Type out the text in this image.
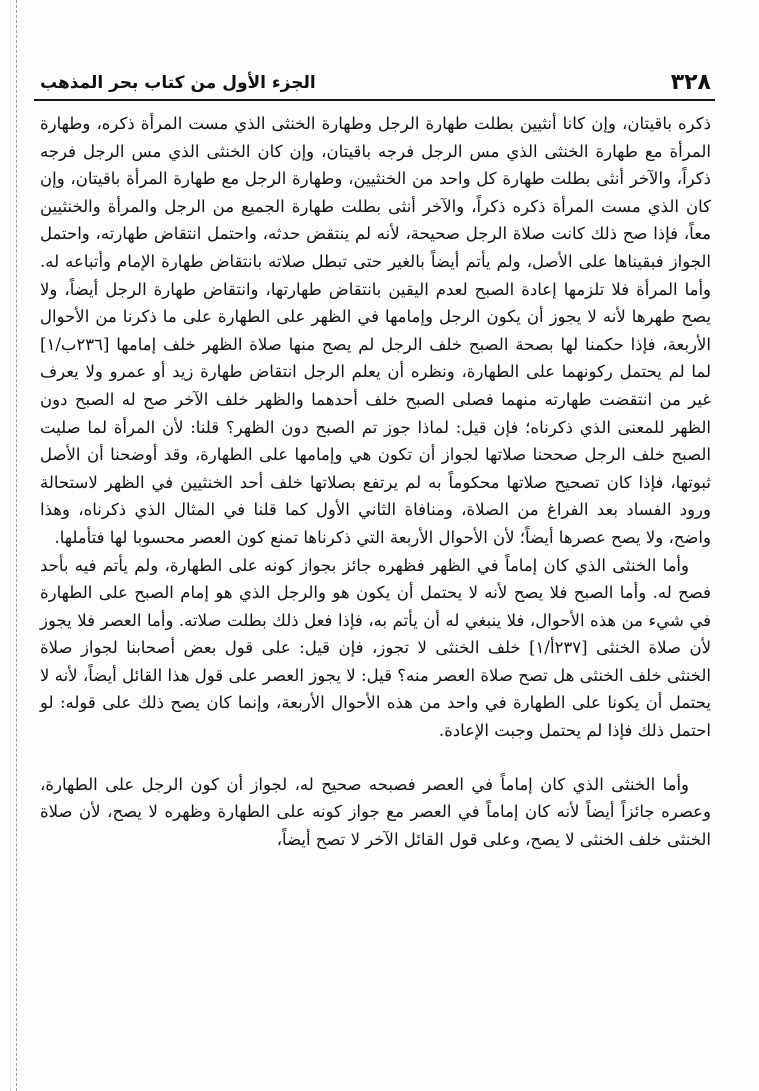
٣٢٨
الجزء الأول من كتاب بحر المذهب

ذكره باقيتان، وإن كانا أنثيين بطلت طهارة الرجل وطهارة الخنثى الذي مست المرأة ذكره، وطهارة المرأة مع طهارة الخنثى الذي مس الرجل فرجه باقيتان، وإن كان الخنثى الذي مس الرجل فرجه ذكراً، والآخر أنثى بطلت طهارة كل واحد من الخنثيين، وطهارة الرجل مع طهارة المرأة باقيتان، وإن كان الذي مست المرأة ذكره ذكراً، والآخر أنثى بطلت طهارة الجميع من الرجل والمرأة والخنثيين معاً، فإذا صح ذلك كانت صلاة الرجل صحيحة، لأنه لم ينتقض حدثه، واحتمل انتقاض طهارته، واحتمل الجواز فبقيناها على الأصل، ولم يأتم أيضاً بالغير حتى تبطل صلاته بانتقاض طهارة الإمام وأتباعه له. وأما المرأة فلا تلزمها إعادة الصبح لعدم اليقين بانتقاض طهارتها، وانتقاض طهارة الرجل أيضاً، ولا يصح طهرها لأنه لا يجوز أن يكون الرجل وإمامها في الظهر على الطهارة على ما ذكرنا من الأحوال الأربعة، فإذا حكمنا لها بصحة الصبح خلف الرجل لم يصح منها صلاة الظهر خلف إمامها [٢٣٦ب/١] لما لم يحتمل ركونهما على الطهارة، ونظره أن يعلم الرجل انتقاض طهارة زيد أو عمرو ولا يعرف غير من انتقضت طهارته منهما فصلى الصبح خلف أحدهما والظهر خلف الآخر صح له الصبح دون الظهر للمعنى الذي ذكرناه؛ فإن قيل: لماذا جوز تم الصبح دون الظهر؟ قلنا: لأن المرأة لما صليت الصبح خلف الرجل صححنا صلاتها لجواز أن تكون هي وإمامها على الطهارة، وقد أوضحنا أن الأصل ثبوتها، فإذا كان تصحيح صلاتها محكوماً به لم يرتفع بصلاتها خلف أحد الخنثيين في الظهر لاستحالة ورود الفساد بعد الفراغ من الصلاة، ومنافاة الثاني الأول كما قلنا في المثال الذي ذكرناه، وهذا واضح، ولا يصح عصرها أيضاً؛ لأن الأحوال الأربعة التي ذكرناها تمنع كون العصر محسوبا لها فتأملها.

وأما الخنثى الذي كان إماماً في الظهر فظهره جائز بجواز كونه على الطهارة، ولم يأتم فيه بأحد فصح له. وأما الصبح فلا يصح لأنه لا يحتمل أن يكون هو والرجل الذي هو إمام الصبح على الطهارة في شيء من هذه الأحوال، فلا ينبغي له أن يأتم به، فإذا فعل ذلك بطلت صلاته. وأما العصر فلا يجوز لأن صلاة الخنثى [٢٣٧أ/١] خلف الخنثى لا تجوز، فإن قيل: على قول بعض أصحابنا لجواز صلاة الخنثى خلف الخنثى هل تصح صلاة العصر منه؟ قيل: لا يجوز العصر على قول هذا القائل أيضاً، لأنه لا يحتمل أن يكونا على الطهارة في واحد من هذه الأحوال الأربعة، وإنما كان يصح ذلك على قوله: لو احتمل ذلك فإذا لم يحتمل وجبت الإعادة.

وأما الخنثى الذي كان إماماً في العصر فصبحه صحيح له، لجواز أن كون الرجل على الطهارة، وعصره جائزاً أيضاً لأنه كان إماماً في العصر مع جواز كونه على الطهارة وظهره لا يصح، لأن صلاة الخنثى خلف الخنثى لا يصح، وعلى قول القائل الآخر لا تصح أيضاً،
